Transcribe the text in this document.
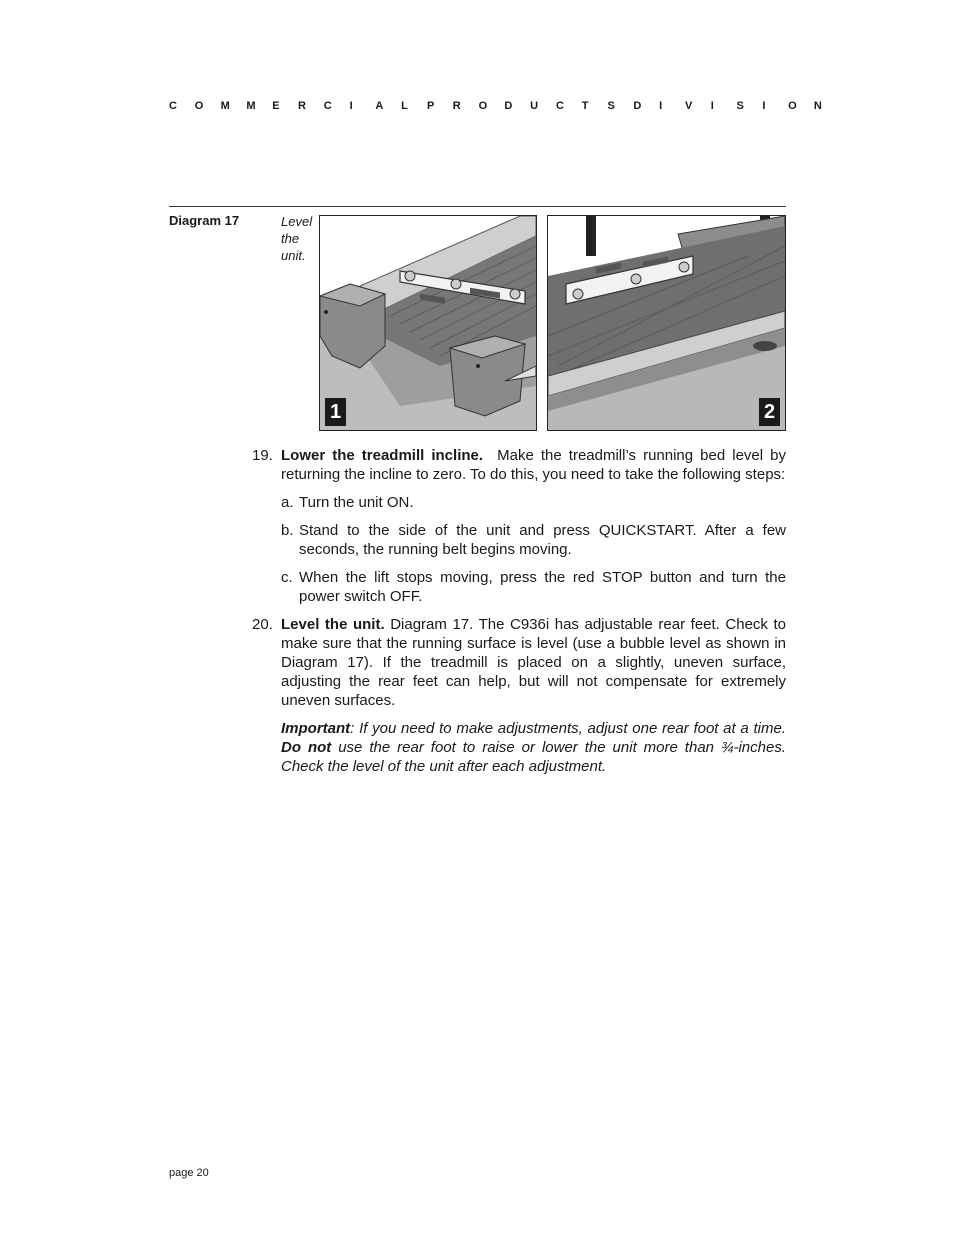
C	O	M	M	E	R	C	I	A	L	P	R	O	D	U	C	T	S	D	I	V	I	S	I	O	N
Diagram 17	Level the unit.
1	2
19. Lower the treadmill incline. Make the treadmill’s running bed level by returning the incline to zero. To do this, you need to take the following steps:
a. Turn the unit ON.
b. Stand to the side of the unit and press QUICKSTART. After a few seconds, the running belt begins moving.
c. When the lift stops moving, press the red STOP button and turn the power switch OFF.
20. Level the unit. Diagram 17. The C936i has adjustable rear feet. Check to make sure that the running surface is level (use a bubble level as shown in Diagram 17). If the treadmill is placed on a slightly, uneven surface, adjusting the rear feet can help, but will not compensate for extremely uneven surfaces.
Important: If you need to make adjustments, adjust one rear foot at a time. Do not use the rear foot to raise or lower the unit more than ¾-inches. Check the level of the unit after each adjustment.
page 20
